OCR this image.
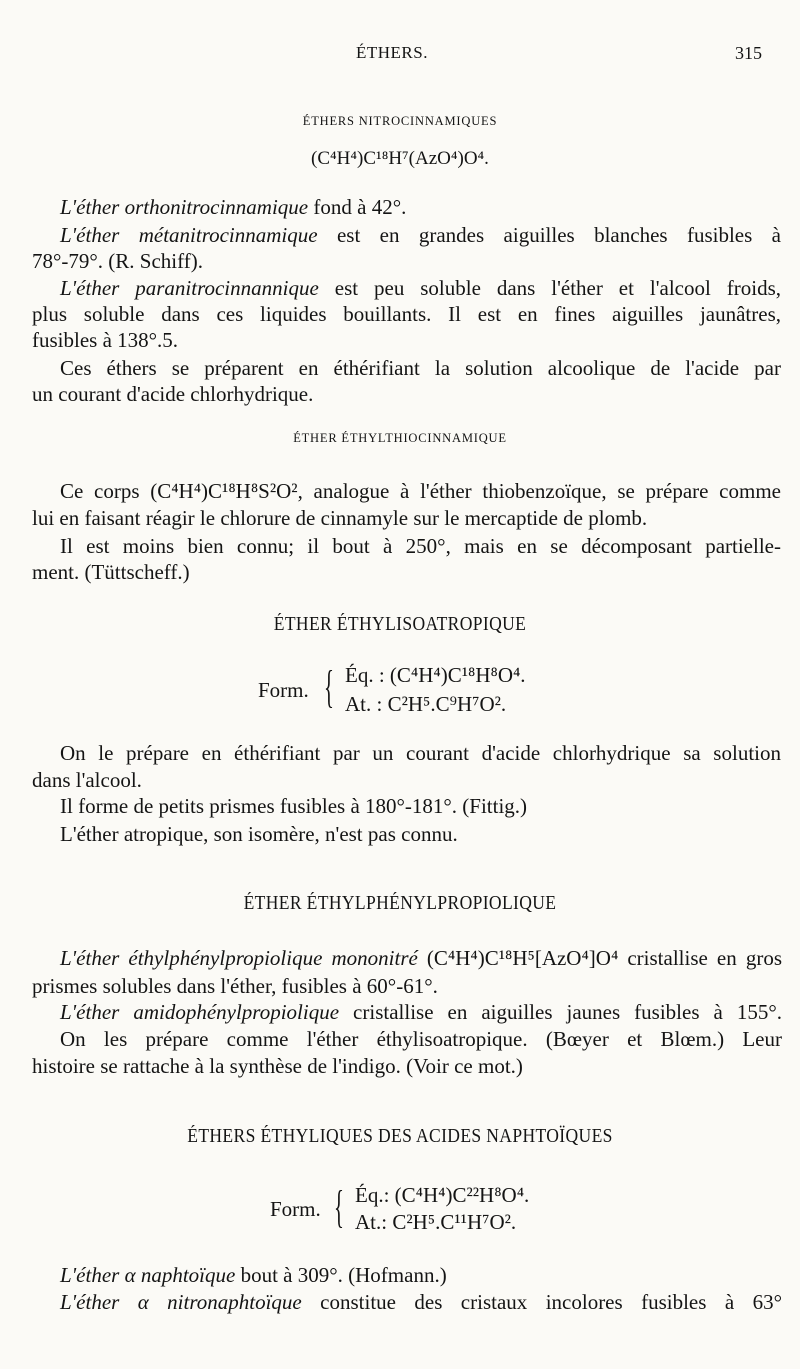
ÉTHERS.	315
ÉTHERS NITROCINNAMIQUES
(C⁴H⁴)C¹⁸H⁷(AzO⁴)O⁴.
L'éther orthonitrocinnamique fond à 42°.
L'éther métanitrocinnamique est en grandes aiguilles blanches fusibles à
78°-79°. (R. Schiff).
L'éther paranitrocinnannique est peu soluble dans l'éther et l'alcool froids,
plus soluble dans ces liquides bouillants. Il est en fines aiguilles jaunâtres,
fusibles à 138°.5.
Ces éthers se préparent en éthérifiant la solution alcoolique de l'acide par
un courant d'acide chlorhydrique.
ÉTHER ÉTHYLTHIOCINNAMIQUE
Ce corps (C⁴H⁴)C¹⁸H⁸S²O², analogue à l'éther thiobenzoïque, se prépare comme
lui en faisant réagir le chlorure de cinnamyle sur le mercaptide de plomb.
Il est moins bien connu; il bout à 250°, mais en se décomposant partielle-
ment. (Tüttscheff.)
ÉTHER ÉTHYLISOATROPIQUE
Form. { Éq. : (C⁴H⁴)C¹⁸H⁸O⁴.
At. : C²H⁵.C⁹H⁷O².
On le prépare en éthérifiant par un courant d'acide chlorhydrique sa solution
dans l'alcool.
Il forme de petits prismes fusibles à 180°-181°. (Fittig.)
L'éther atropique, son isomère, n'est pas connu.
ÉTHER ÉTHYLPHÉNYLPROPIOLIQUE
L'éther éthylphénylpropiolique mononitré (C⁴H⁴)C¹⁸H⁵[AzO⁴]O⁴ cristallise en gros
prismes solubles dans l'éther, fusibles à 60°-61°.
L'éther amidophénylpropiolique cristallise en aiguilles jaunes fusibles à 155°.
On les prépare comme l'éther éthylisoatropique. (Bœyer et Blœm.) Leur
histoire se rattache à la synthèse de l'indigo. (Voir ce mot.)
ÉTHERS ÉTHYLIQUES DES ACIDES NAPHTOÏQUES
Form. { Éq.: (C⁴H⁴)C²²H⁸O⁴.
At.: C²H⁵.C¹¹H⁷O².
L'éther α naphtoïque bout à 309°. (Hofmann.)
L'éther α nitronaphtoïque constitue des cristaux incolores fusibles à 63°
